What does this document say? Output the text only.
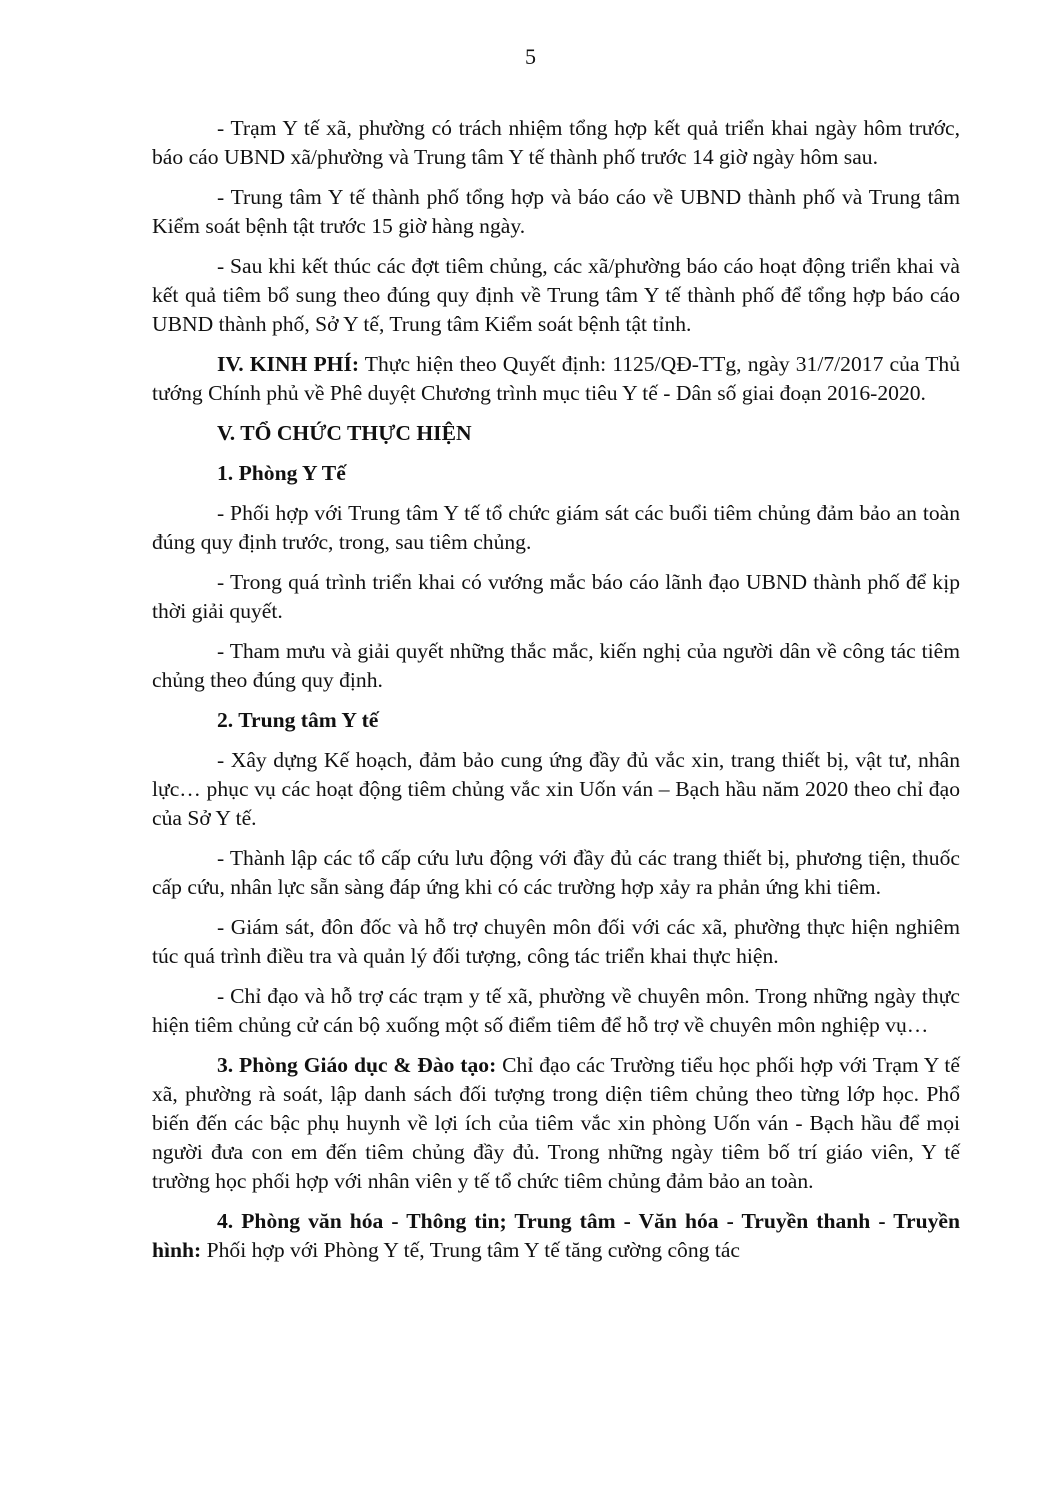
5

- Trạm Y tế xã, phường có trách nhiệm tổng hợp kết quả triển khai ngày hôm trước, báo cáo UBND xã/phường và Trung tâm Y tế thành phố trước 14 giờ ngày hôm sau.

- Trung tâm Y tế thành phố tổng hợp và báo cáo về UBND thành phố và Trung tâm Kiểm soát bệnh tật trước 15 giờ hàng ngày.

- Sau khi kết thúc các đợt tiêm chủng, các xã/phường báo cáo hoạt động triển khai và kết quả tiêm bổ sung theo đúng quy định về Trung tâm Y tế thành phố để tổng hợp báo cáo UBND thành phố, Sở Y tế, Trung tâm Kiểm soát bệnh tật tỉnh.

IV. KINH PHÍ: Thực hiện theo Quyết định: 1125/QĐ-TTg, ngày 31/7/2017 của Thủ tướng Chính phủ về Phê duyệt Chương trình mục tiêu Y tế - Dân số giai đoạn 2016-2020.

V. TỔ CHỨC THỰC HIỆN

1. Phòng Y Tế

- Phối hợp với Trung tâm Y tế tổ chức giám sát các buổi tiêm chủng đảm bảo an toàn đúng quy định trước, trong, sau tiêm chủng.

- Trong quá trình triển khai có vướng mắc báo cáo lãnh đạo UBND thành phố để kịp thời giải quyết.

- Tham mưu và giải quyết những thắc mắc, kiến nghị của người dân về công tác tiêm chủng theo đúng quy định.

2. Trung tâm Y tế

- Xây dựng Kế hoạch, đảm bảo cung ứng đầy đủ vắc xin, trang thiết bị, vật tư, nhân lực… phục vụ các hoạt động tiêm chủng vắc xin Uốn ván – Bạch hầu năm 2020 theo chỉ đạo của Sở Y tế.

- Thành lập các tổ cấp cứu lưu động với đầy đủ các trang thiết bị, phương tiện, thuốc cấp cứu, nhân lực sẵn sàng đáp ứng khi có các trường hợp xảy ra phản ứng khi tiêm.

- Giám sát, đôn đốc và hỗ trợ chuyên môn đối với các xã, phường thực hiện nghiêm túc quá trình điều tra và quản lý đối tượng, công tác triển khai thực hiện.

- Chỉ đạo và hỗ trợ các trạm y tế xã, phường về chuyên môn. Trong những ngày thực hiện tiêm chủng cử cán bộ xuống một số điểm tiêm để hỗ trợ về chuyên môn nghiệp vụ…

3. Phòng Giáo dục & Đào tạo: Chỉ đạo các Trường tiểu học phối hợp với Trạm Y tế xã, phường rà soát, lập danh sách đối tượng trong diện tiêm chủng theo từng lớp học. Phổ biến đến các bậc phụ huynh về lợi ích của tiêm vắc xin phòng Uốn ván - Bạch hầu để mọi người đưa con em đến tiêm chủng đầy đủ. Trong những ngày tiêm bố trí giáo viên, Y tế trường học phối hợp với nhân viên y tế tổ chức tiêm chủng đảm bảo an toàn.

4. Phòng văn hóa - Thông tin; Trung tâm - Văn hóa - Truyền thanh - Truyền hình: Phối hợp với Phòng Y tế, Trung tâm Y tế tăng cường công tác
